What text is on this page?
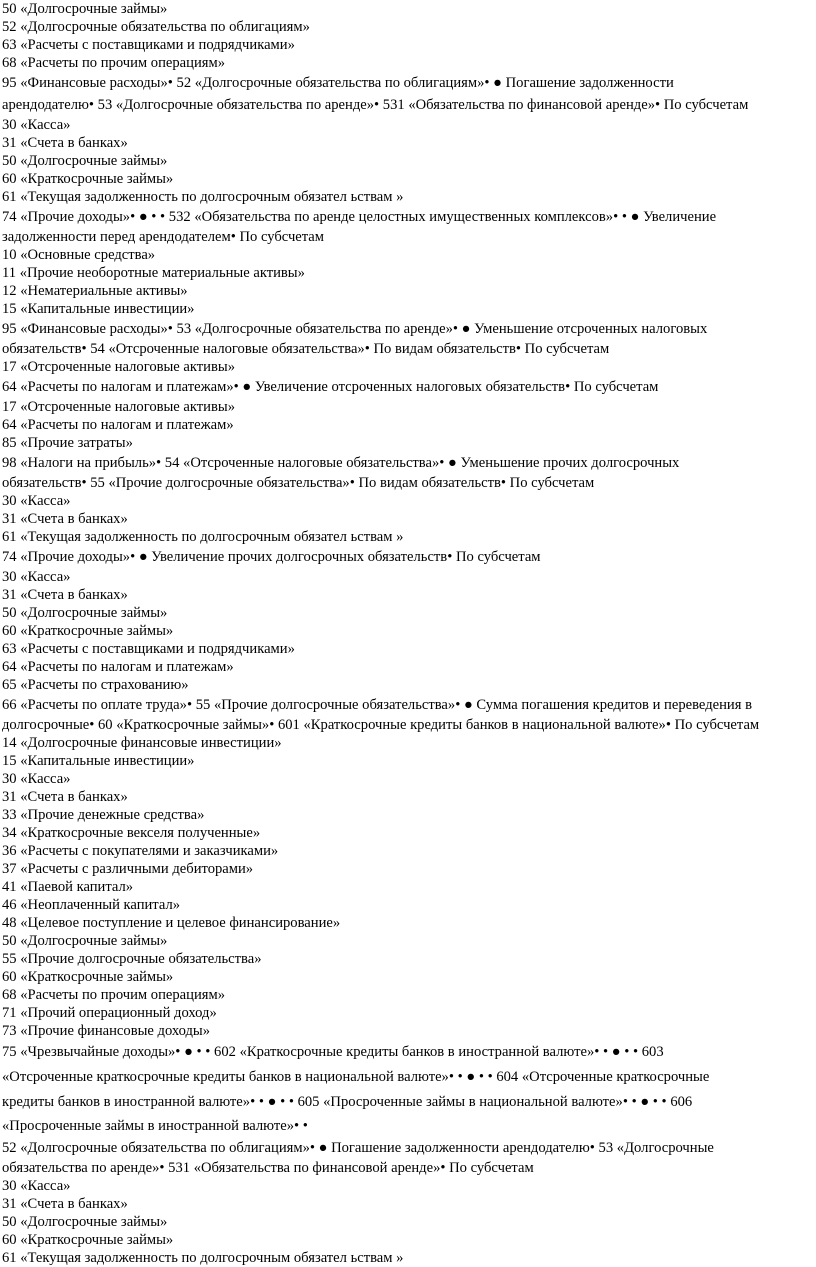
50 «Долгосрочные займы»
52 «Долгосрочные обязательства по облигациям»
63 «Расчеты с поставщиками и подрядчиками»
68 «Расчеты по прочим операциям»
95 «Финансовые расходы»• 52 «Долгосрочные обязательства по облигациям»• ● Погашение задолженности
арендодателю• 53 «Долгосрочные обязательства по аренде»• 531 «Обязательства по финансовой аренде»• По субсчетам
30 «Касса»
31 «Счета в банках»
50 «Долгосрочные займы»
60 «Краткосрочные займы»
61 «Текущая задолженность по долгосрочным обязател ьствам »
74 «Прочие доходы»• ● • • 532 «Обязательства по аренде целостных имущественных комплексов»• • ● Увеличение
задолженности перед арендодателем• По субсчетам
10 «Основные средства»
11 «Прочие необоротные материальные активы»
12 «Нематериальные активы»
15 «Капитальные инвестиции»
95 «Финансовые расходы»• 53 «Долгосрочные обязательства по аренде»• ● Уменьшение отсроченных налоговых
обязательств• 54 «Отсроченные налоговые обязательства»• По видам обязательств• По субсчетам
17 «Отсроченные налоговые активы»
64 «Расчеты по налогам и платежам»• ● Увеличение отсроченных налоговых обязательств• По субсчетам
17 «Отсроченные налоговые активы»
64 «Расчеты по налогам и платежам»
85 «Прочие затраты»
98 «Налоги на прибыль»• 54 «Отсроченные налоговые обязательства»• ● Уменьшение прочих долгосрочных
обязательств• 55 «Прочие долгосрочные обязательства»• По видам обязательств• По субсчетам
30 «Касса»
31 «Счета в банках»
61 «Текущая задолженность по долгосрочным обязател ьствам »
74 «Прочие доходы»• ● Увеличение прочих долгосрочных обязательств• По субсчетам
30 «Касса»
31 «Счета в банках»
50 «Долгосрочные займы»
60 «Краткосрочные займы»
63 «Расчеты с поставщиками и подрядчиками»
64 «Расчеты по налогам и платежам»
65 «Расчеты по страхованию»
66 «Расчеты по оплате труда»• 55 «Прочие долгосрочные обязательства»• ● Сумма погашения кредитов и переведения в
долгосрочные• 60 «Краткосрочные займы»• 601 «Краткосрочные кредиты банков в национальной валюте»• По субсчетам
14 «Долгосрочные финансовые инвестиции»
15 «Капитальные инвестиции»
30 «Касса»
31 «Счета в банках»
33 «Прочие денежные средства»
34 «Краткосрочные векселя полученные»
36 «Расчеты с покупателями и заказчиками»
37 «Расчеты с различными дебиторами»
41 «Паевой капитал»
46 «Неоплаченный капитал»
48 «Целевое поступление и целевое финансирование»
50 «Долгосрочные займы»
55 «Прочие долгосрочные обязательства»
60 «Краткосрочные займы»
68 «Расчеты по прочим операциям»
71 «Прочий операционный доход»
73 «Прочие финансовые доходы»
75 «Чрезвычайные доходы»• ● • • 602 «Краткосрочные кредиты банков в иностранной валюте»• • ● • • 603
«Отсроченные краткосрочные кредиты банков в национальной валюте»• • ● • • 604 «Отсроченные краткосрочные
кредиты банков в иностранной валюте»• • ● • • 605 «Просроченные займы в национальной валюте»• • ● • • 606
«Просроченные займы в иностранной валюте»• •
52 «Долгосрочные обязательства по облигациям»• ● Погашение задолженности арендодателю• 53 «Долгосрочные
обязательства по аренде»• 531 «Обязательства по финансовой аренде»• По субсчетам
30 «Касса»
31 «Счета в банках»
50 «Долгосрочные займы»
60 «Краткосрочные займы»
61 «Текущая задолженность по долгосрочным обязател ьствам »
